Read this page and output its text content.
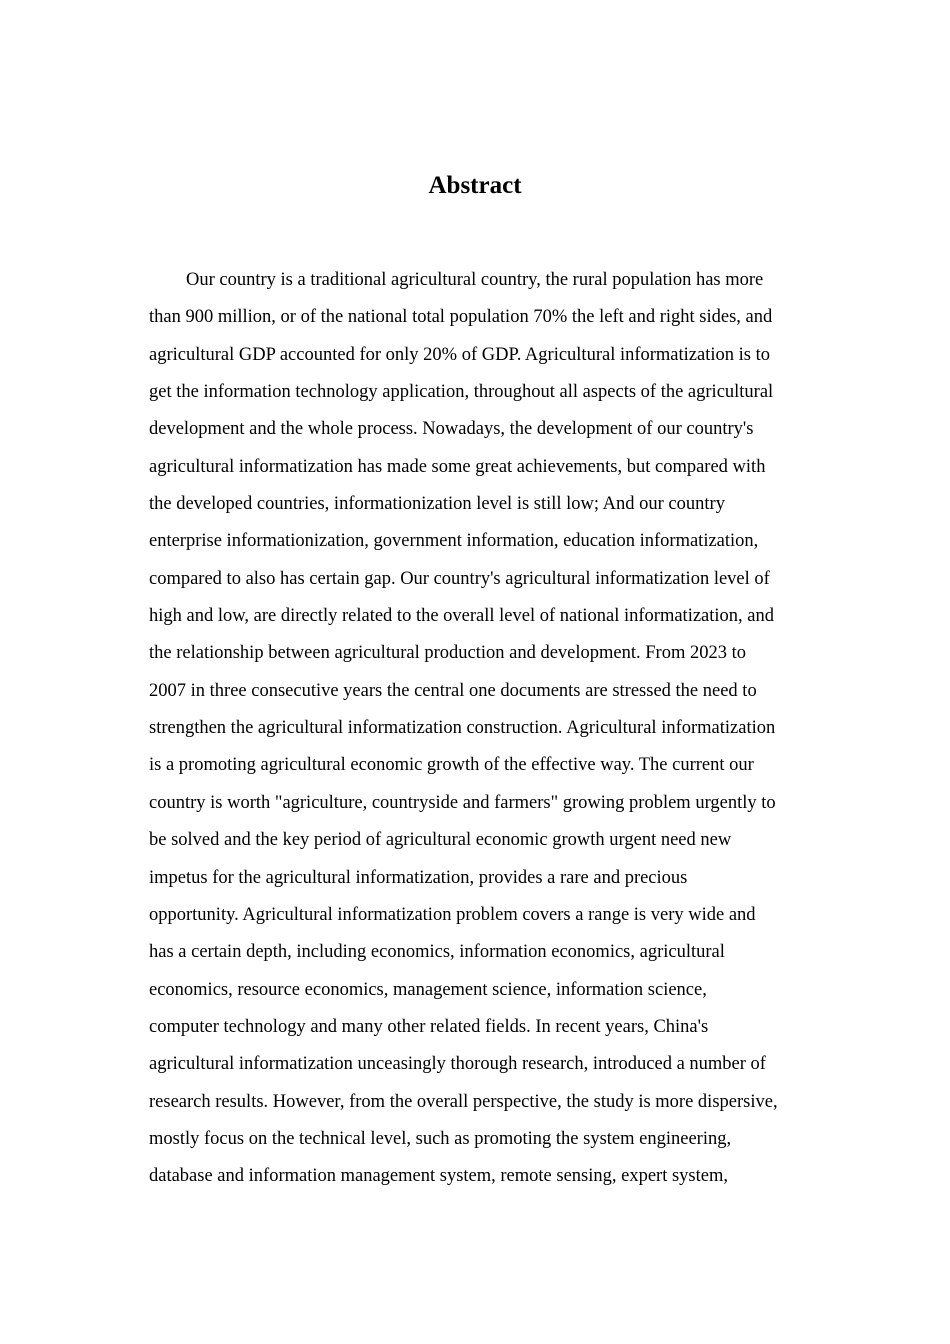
Abstract
Our country is a traditional agricultural country, the rural population has more
than 900 million, or of the national total population 70% the left and right sides, and
agricultural GDP accounted for only 20% of GDP. Agricultural informatization is to
get the information technology application, throughout all aspects of the agricultural
development and the whole process. Nowadays, the development of our country's
agricultural informatization has made some great achievements, but compared with
the developed countries, informationization level is still low; And our country
enterprise informationization, government information, education informatization,
compared to also has certain gap. Our country's agricultural informatization level of
high and low, are directly related to the overall level of national informatization, and
the relationship between agricultural production and development. From 2023 to
2007 in three consecutive years the central one documents are stressed the need to
strengthen the agricultural informatization construction. Agricultural informatization
is a promoting agricultural economic growth of the effective way. The current our
country is worth "agriculture, countryside and farmers" growing problem urgently to
be solved and the key period of agricultural economic growth urgent need new
impetus for the agricultural informatization, provides a rare and precious
opportunity. Agricultural informatization problem covers a range is very wide and
has a certain depth, including economics, information economics, agricultural
economics, resource economics, management science, information science,
computer technology and many other related fields. In recent years, China's
agricultural informatization unceasingly thorough research, introduced a number of
research results. However, from the overall perspective, the study is more dispersive,
mostly focus on the technical level, such as promoting the system engineering,
database and information management system, remote sensing, expert system,
